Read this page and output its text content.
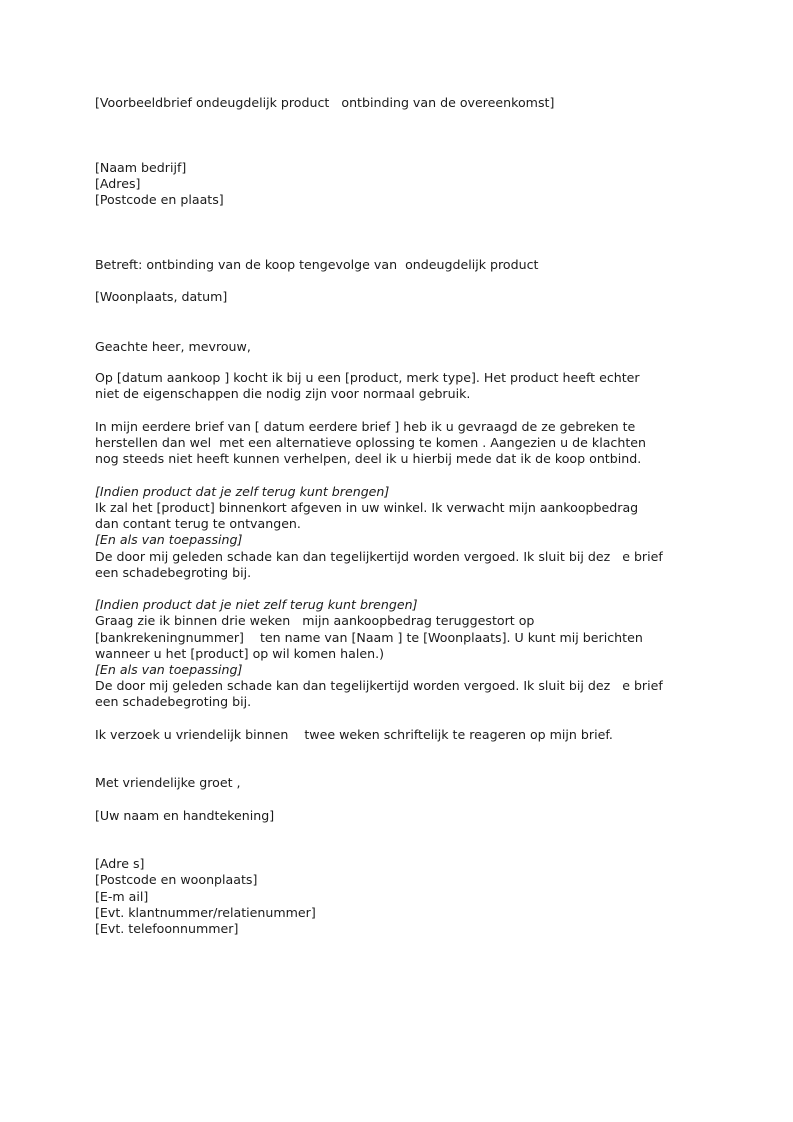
[Voorbeeldbrief ondeugdelijk product   ontbinding van de overeenkomst]
[Naam bedrijf]
[Adres]
[Postcode en plaats]
Betreft: ontbinding van de koop tengevolge van  ondeugdelijk product
[Woonplaats, datum]
Geachte heer, mevrouw,
Op [datum aankoop ] kocht ik bij u een [product, merk type]. Het product heeft echter
niet de eigenschappen die nodig zijn voor normaal gebruik.
In mijn eerdere brief van [ datum eerdere brief ] heb ik u gevraagd de ze gebreken te
herstellen dan wel  met een alternatieve oplossing te komen . Aangezien u de klachten
nog steeds niet heeft kunnen verhelpen, deel ik u hierbij mede dat ik de koop ontbind.
[Indien product dat je zelf terug kunt brengen]
Ik zal het [product] binnenkort afgeven in uw winkel. Ik verwacht mijn aankoopbedrag
dan contant terug te ontvangen.
[En als van toepassing]
De door mij geleden schade kan dan tegelijkertijd worden vergoed. Ik sluit bij dez   e brief
een schadebegroting bij.
[Indien product dat je niet zelf terug kunt brengen]
Graag zie ik binnen drie weken   mijn aankoopbedrag teruggestort op
[bankrekeningnummer]    ten name van [Naam ] te [Woonplaats]. U kunt mij berichten
wanneer u het [product] op wil komen halen.)
[En als van toepassing]
De door mij geleden schade kan dan tegelijkertijd worden vergoed. Ik sluit bij dez   e brief
een schadebegroting bij.
Ik verzoek u vriendelijk binnen    twee weken schriftelijk te reageren op mijn brief.
Met vriendelijke groet ,
[Uw naam en handtekening]
[Adre s]
[Postcode en woonplaats]
[E-m ail]
[Evt. klantnummer/relatienummer]
[Evt. telefoonnummer]
